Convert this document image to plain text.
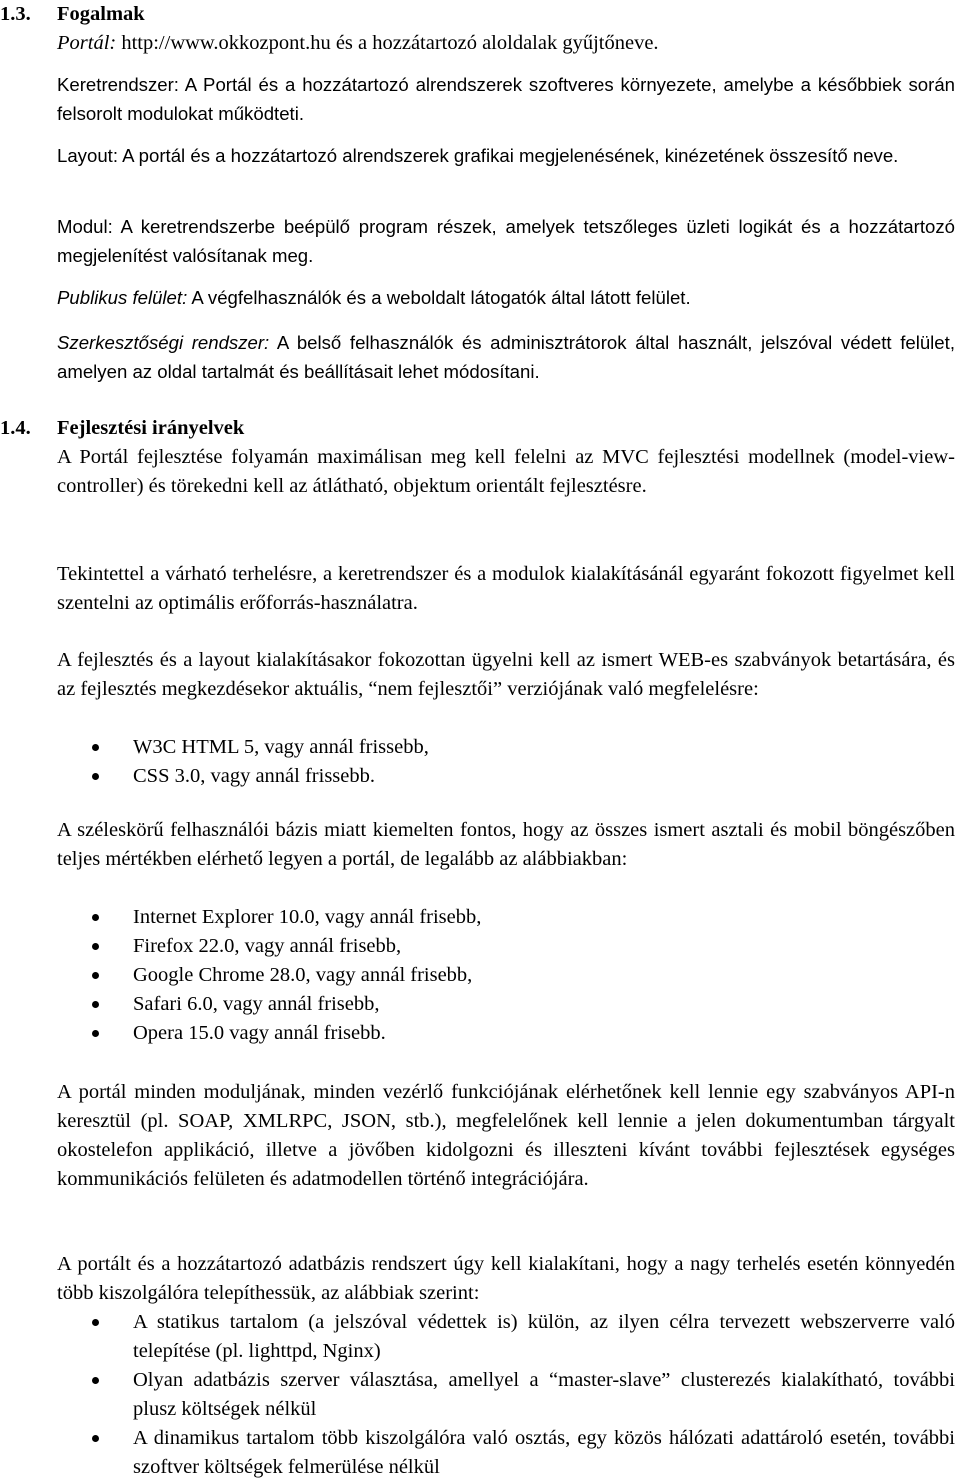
1.3. Fogalmak

Portál: http://www.okkozpont.hu és a hozzátartozó aloldalak gyűjtőneve.

Keretrendszer: A Portál és a hozzátartozó alrendszerek szoftveres környezete, amelybe a későbbiek során felsorolt modulokat működteti.

Layout: A portál és a hozzátartozó alrendszerek grafikai megjelenésének, kinézetének összesítő neve.

Modul: A keretrendszerbe beépülő program részek, amelyek tetszőleges üzleti logikát és a hozzátartozó megjelenítést valósítanak meg.

Publikus felület: A végfelhasználók és a weboldalt látogatók által látott felület.

Szerkesztőségi rendszer: A belső felhasználók és adminisztrátorok által használt, jelszóval védett felület, amelyen az oldal tartalmát és beállításait lehet módosítani.

1.4. Fejlesztési irányelvek

A Portál fejlesztése folyamán maximálisan meg kell felelni az MVC fejlesztési modellnek (model-view-controller) és törekedni kell az átlátható, objektum orientált fejlesztésre.

Tekintettel a várható terhelésre, a keretrendszer és a modulok kialakításánál egyaránt fokozott figyelmet kell szentelni az optimális erőforrás-használatra.

A fejlesztés és a layout kialakításakor fokozottan ügyelni kell az ismert WEB-es szabványok betartására, és az fejlesztés megkezdésekor aktuális, “nem fejlesztői” verziójának való megfelelésre:

W3C HTML 5, vagy annál frissebb,
CSS 3.0, vagy annál frissebb.

A széleskörű felhasználói bázis miatt kiemelten fontos, hogy az összes ismert asztali és mobil böngészőben teljes mértékben elérhető legyen a portál, de legalább az alábbiakban:

Internet Explorer 10.0, vagy annál frisebb,
Firefox 22.0, vagy annál frisebb,
Google Chrome 28.0, vagy annál frisebb,
Safari 6.0, vagy annál frisebb,
Opera 15.0 vagy annál frisebb.

A portál minden moduljának, minden vezérlő funkciójának elérhetőnek kell lennie egy szabványos API-n keresztül (pl. SOAP, XMLRPC, JSON, stb.), megfelelőnek kell lennie a jelen dokumentumban tárgyalt okostelefon applikáció, illetve a jövőben kidolgozni és illeszteni kívánt további fejlesztések egységes kommunikációs felületen és adatmodellen történő integrációjára.

A portált és a hozzátartozó adatbázis rendszert úgy kell kialakítani, hogy a nagy terhelés esetén könnyedén több kiszolgálóra telepíthessük, az alábbiak szerint:

A statikus tartalom (a jelszóval védettek is) külön, az ilyen célra tervezett webszerverre való telepítése (pl. lighttpd, Nginx)
Olyan adatbázis szerver választása, amellyel a “master-slave” clusterezés kialakítható, további plusz költségek nélkül
A dinamikus tartalom több kiszolgálóra való osztás, egy közös hálózati adattároló esetén, további szoftver költségek felmerülése nélkül
